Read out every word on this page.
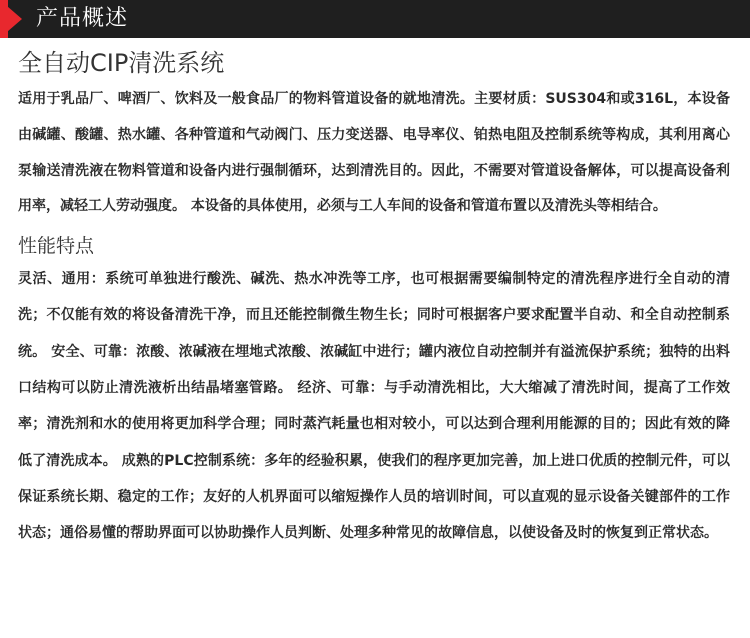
产品概述
全自动CIP清洗系统

适用于乳品厂、啤酒厂、饮料及一般食品厂的物料管道设备的就地清洗。主要材质：SUS304和或316L，本设备由碱罐、酸罐、热水罐、各种管道和气动阀门、压力变送器、电导率仪、铂热电阻及控制系统等构成，其利用离心泵输送清洗液在物料管道和设备内进行强制循环，达到清洗目的。因此，不需要对管道设备解体，可以提高设备利用率，减轻工人劳动强度。 本设备的具体使用，必须与工人车间的设备和管道布置以及清洗头等相结合。

性能特点

灵活、通用：系统可单独进行酸洗、碱洗、热水冲洗等工序，也可根据需要编制特定的清洗程序进行全自动的清洗；不仅能有效的将设备清洗干净，而且还能控制微生物生长；同时可根据客户要求配置半自动、和全自动控制系统。 安全、可靠：浓酸、浓碱液在埋地式浓酸、浓碱缸中进行；罐内液位自动控制并有溢流保护系统；独特的出料口结构可以防止清洗液析出结晶堵塞管路。 经济、可靠：与手动清洗相比，大大缩减了清洗时间，提高了工作效率；清洗剂和水的使用将更加科学合理；同时蒸汽耗量也相对较小，可以达到合理利用能源的目的；因此有效的降低了清洗成本。 成熟的PLC控制系统：多年的经验积累，使我们的程序更加完善，加上进口优质的控制元件，可以保证系统长期、稳定的工作；友好的人机界面可以缩短操作人员的培训时间，可以直观的显示设备关键部件的工作状态；通俗易懂的帮助界面可以协助操作人员判断、处理多种常见的故障信息，以使设备及时的恢复到正常状态。
